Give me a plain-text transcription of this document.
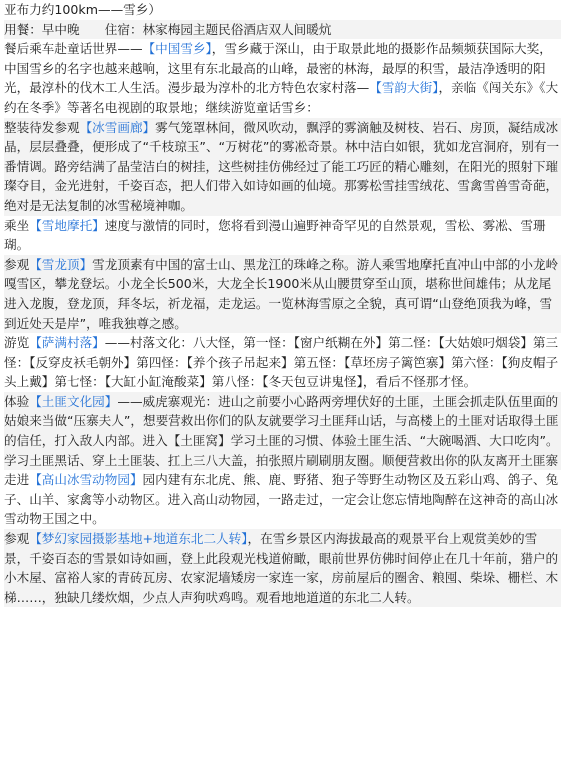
亚布力约100km——雪乡）
用餐：早中晚　　住宿：林家梅园主题民俗酒店双人间暖炕
餐后乘车赴童话世界——【中国雪乡】，雪乡藏于深山，由于取景此地的摄影作品频频获国际大奖，中国雪乡的名字也越来越响，这里有东北最高的山峰，最密的林海，最厚的积雪，最洁净透明的阳光，最淳朴的伐木工人生活。漫步最为淳朴的北方特色农家村落—【雪韵大街】，亲临《闯关东》《大约在冬季》等著名电视剧的取景地；继续游览童话雪乡：
整装待发参观【冰雪画廊】雾气笼罩林间，微风吹动，飘浮的雾滴触及树枝、岩石、房顶，凝结成冰晶，层层叠叠，便形成了“千枝琼玉”、“万树花”的雾凇奇景。林中洁白如银，犹如龙宫洞府，别有一番情调。路旁结满了晶莹洁白的树挂，这些树挂仿佛经过了能工巧匠的精心雕刻，在阳光的照射下璀璨夺目，金光进射，千姿百态，把人们带入如诗如画的仙境。那雾松雪挂雪绒花、雪禽雪兽雪奇葩，绝对是无法复制的冰雪秘境神咖。
乘坐【雪地摩托】速度与激情的同时，您将看到漫山遍野神奇罕见的自然景观，雪松、雾凇、雪珊瑚。
参观【雪龙顶】雪龙顶素有中国的富士山、黑龙江的珠峰之称。游人乘雪地摩托直冲山中部的小龙岭嘎雪区，攀龙登坛。小龙全长500米，大龙全长1900米从山腰贯穿至山顶，堪称世间雄伟；从龙尾进入龙腹，登龙顶，拜冬坛，祈龙福，走龙运。一览林海雪原之全貌，真可谓“山登绝顶我为峰，雪到近处天是岸”，唯我独尊之感。
游览【萨满村落】——村落文化：八大怪，第一怪：【窗户纸糊在外】第二怪：【大姑娘叼烟袋】第三怪：【反穿皮袄毛朝外】第四怪：【养个孩子吊起来】第五怪：【草坯房子篱笆寨】第六怪：【狗皮帽子头上戴】第七怪：【大缸小缸淹酸菜】第八怪：【冬天包豆讲鬼怪】，看后不怪那才怪。
体验【土匪文化园】——威虎寨观光：进山之前要小心路两旁埋伏好的土匪，土匪会抓走队伍里面的姑娘来当做“压寨夫人”，想要营救出你们的队友就要学习土匪拜山话，与高楼上的土匪对话取得土匪的信任，打入敌人内部。进入【土匪窝】学习土匪的习惯、体验土匪生活、“大碗喝酒、大口吃肉”。学习土匪黑话、穿上土匪装、扛上三八大盖，拍张照片刷刷朋友圈。顺便营救出你的队友离开土匪寨
走进【高山冰雪动物园】园内建有东北虎、熊、鹿、野猪、狍子等野生动物区及五彩山鸡、鸽子、兔子、山羊、家禽等小动物区。进入高山动物园，一路走过，一定会让您忘情地陶醉在这神奇的高山冰雪动物王国之中。
参观【梦幻家园摄影基地+地道东北二人转】，在雪乡景区内海拔最高的观景平台上观赏美妙的雪景，千姿百态的雪景如诗如画，登上此段观光栈道俯瞰，眼前世界仿佛时间停止在几十年前，猎户的小木屋、富裕人家的青砖瓦房、农家泥墙矮房一家连一家，房前屋后的圈舍、粮囤、柴垛、栅栏、木梯……，独缺几缕炊烟，少点人声狗吠鸡鸣。观看地地道道的东北二人转。
